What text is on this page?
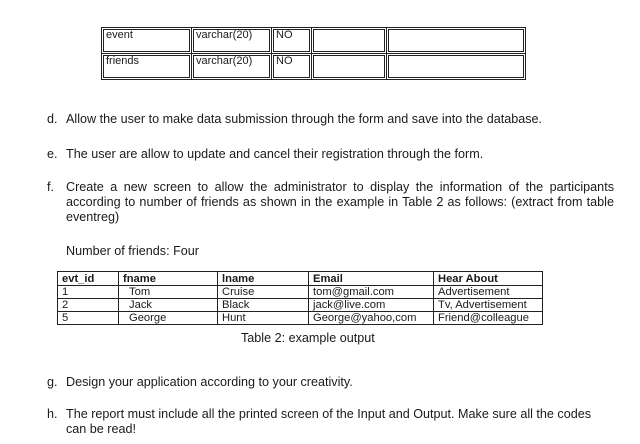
event	varchar(20)	NO		
friends	varchar(20)	NO		
d. Allow the user to make data submission through the form and save into the database.
e. The user are allow to update and cancel their registration through the form.
f. Create a new screen to allow the administrator to display the information of the participants according to number of friends as shown in the example in Table 2 as follows: (extract from table eventreg)
Number of friends: Four
evt_id	fname	lname	Email	Hear About
1	Tom	Cruise	tom@gmail.com	Advertisement
2	Jack	Black	jack@live.com	Tv, Advertisement
5	George	Hunt	George@yahoo,com	Friend@colleague
Table 2: example output
g. Design your application according to your creativity.
h. The report must include all the printed screen of the Input and Output. Make sure all the codes can be read!
